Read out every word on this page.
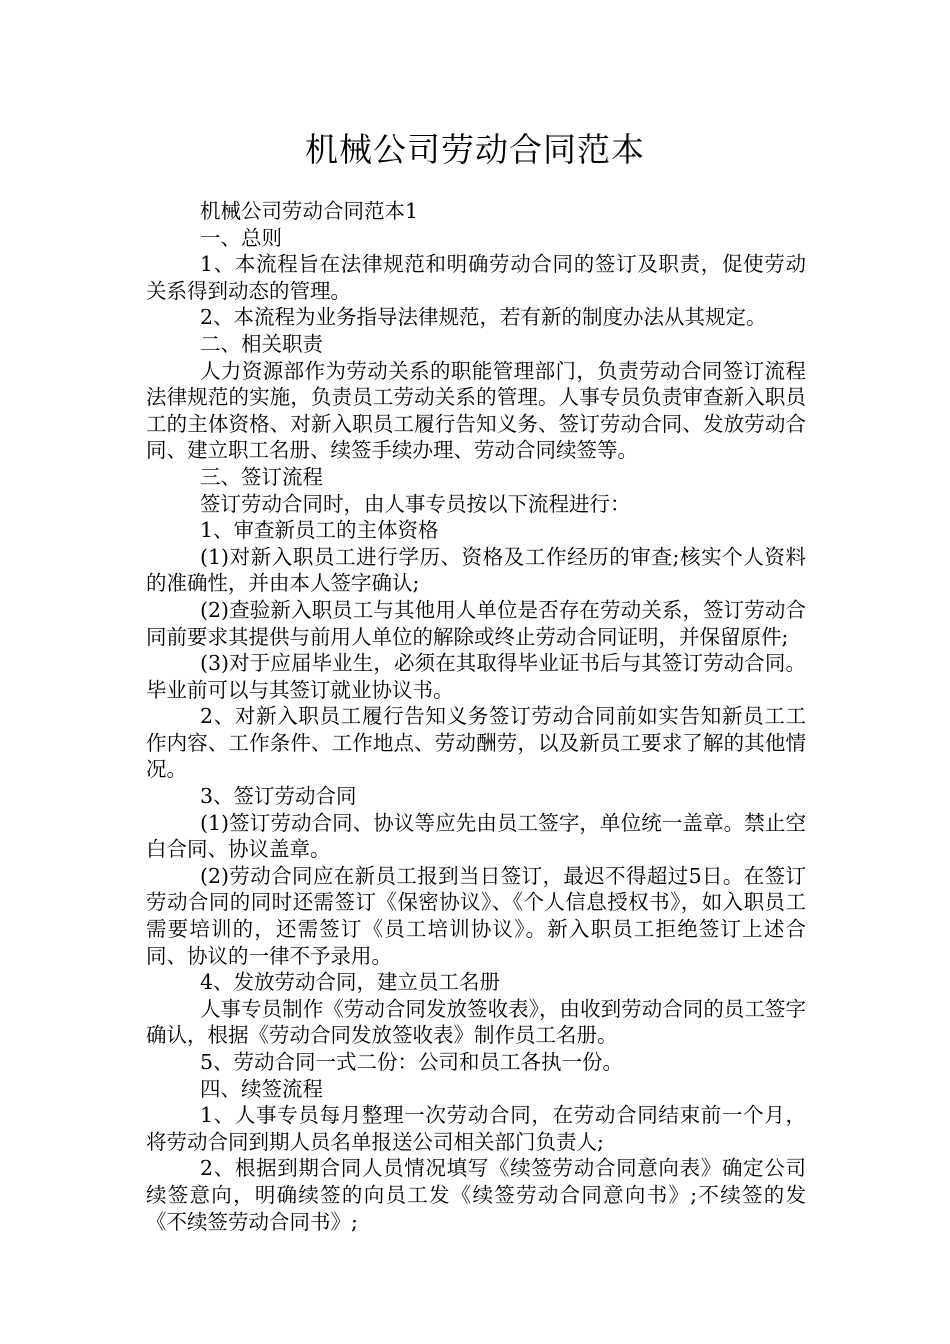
机械公司劳动合同范本

机械公司劳动合同范本1

一、总则

1、本流程旨在法律规范和明确劳动合同的签订及职责，促使劳动关系得到动态的管理。

2、本流程为业务指导法律规范，若有新的制度办法从其规定。

二、相关职责

人力资源部作为劳动关系的职能管理部门，负责劳动合同签订流程法律规范的实施，负责员工劳动关系的管理。人事专员负责审查新入职员工的主体资格、对新入职员工履行告知义务、签订劳动合同、发放劳动合同、建立职工名册、续签手续办理、劳动合同续签等。

三、签订流程

签订劳动合同时，由人事专员按以下流程进行：

1、审查新员工的主体资格

(1)对新入职员工进行学历、资格及工作经历的审查;核实个人资料的准确性，并由本人签字确认;

(2)查验新入职员工与其他用人单位是否存在劳动关系，签订劳动合同前要求其提供与前用人单位的解除或终止劳动合同证明，并保留原件;

(3)对于应届毕业生，必须在其取得毕业证书后与其签订劳动合同。毕业前可以与其签订就业协议书。

2、对新入职员工履行告知义务签订劳动合同前如实告知新员工工作内容、工作条件、工作地点、劳动酬劳，以及新员工要求了解的其他情况。

3、签订劳动合同

(1)签订劳动合同、协议等应先由员工签字，单位统一盖章。禁止空白合同、协议盖章。

(2)劳动合同应在新员工报到当日签订，最迟不得超过5日。在签订劳动合同的同时还需签订《保密协议》、《个人信息授权书》，如入职员工需要培训的，还需签订《员工培训协议》。新入职员工拒绝签订上述合同、协议的一律不予录用。

4、发放劳动合同，建立员工名册

人事专员制作《劳动合同发放签收表》，由收到劳动合同的员工签字确认，根据《劳动合同发放签收表》制作员工名册。

5、劳动合同一式二份：公司和员工各执一份。

四、续签流程

1、人事专员每月整理一次劳动合同，在劳动合同结束前一个月，将劳动合同到期人员名单报送公司相关部门负责人;

2、根据到期合同人员情况填写《续签劳动合同意向表》确定公司续签意向，明确续签的向员工发《续签劳动合同意向书》;不续签的发《不续签劳动合同书》;
